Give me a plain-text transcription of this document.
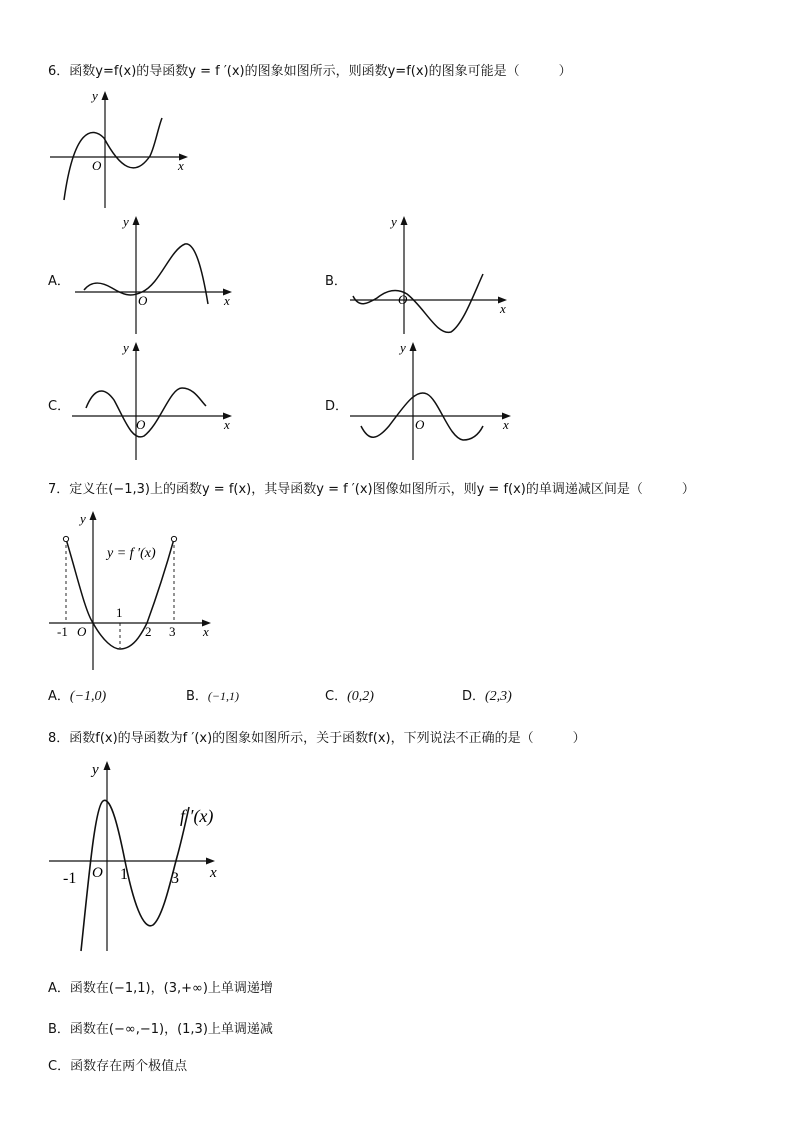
6．函数y=f(x)的导函数y = f ′(x)的图象如图所示，则函数y=f(x)的图象可能是（　　　）
y
x
O
A．
y
x
O
B．
y
x
O
C．
y
x
O
D．
y
x
O
7．定义在(−1,3)上的函数y = f(x)，其导函数y = f ′(x)图像如图所示，则y = f(x)的单调递减区间是（　　　）
y
x
O
-1
1
2 3
y = f ′(x)
A．(−1,0)	B．(−1,1)	C．(0,2)	D．(2,3)
8．函数f(x)的导函数为f ′(x)的图象如图所示，关于函数f(x)，下列说法不正确的是（　　　）
y
x
O
-1	1	3
f ′(x)
A．函数在(−1,1)，(3,+∞)上单调递增
B．函数在(−∞,−1)，(1,3)上单调递减
C．函数存在两个极值点
